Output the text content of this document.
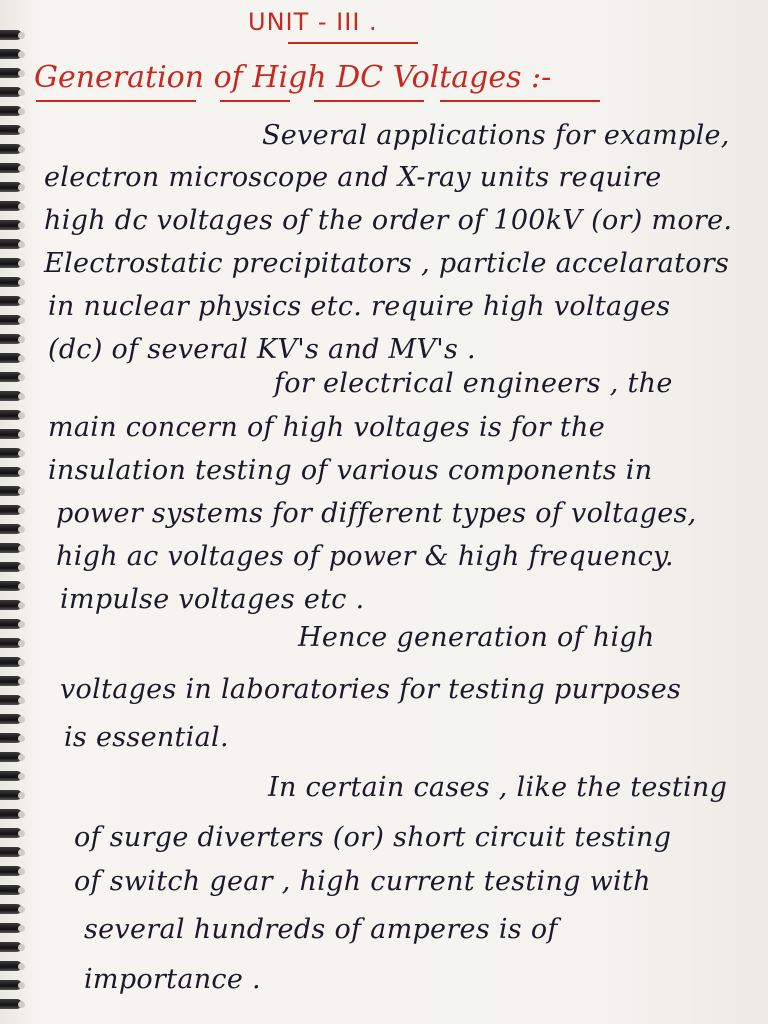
UNIT - III .
Generation of High DC Voltages :-
Several applications for example,
electron microscope and X-ray units require
high dc voltages of the order of 100kV (or) more.
Electrostatic precipitators , particle accelarators
in nuclear physics etc. require high voltages
(dc) of several KV's and MV's .
for electrical engineers , the
main concern of high voltages is for the
insulation testing of various components in
power systems for different types of voltages,
high ac voltages of power & high frequency.
impulse voltages etc .
Hence generation of high
voltages in laboratories for testing purposes
is essential.
In certain cases , like the testing
of surge diverters (or) short circuit testing
of switch gear , high current testing with
several hundreds of amperes is of
importance .
